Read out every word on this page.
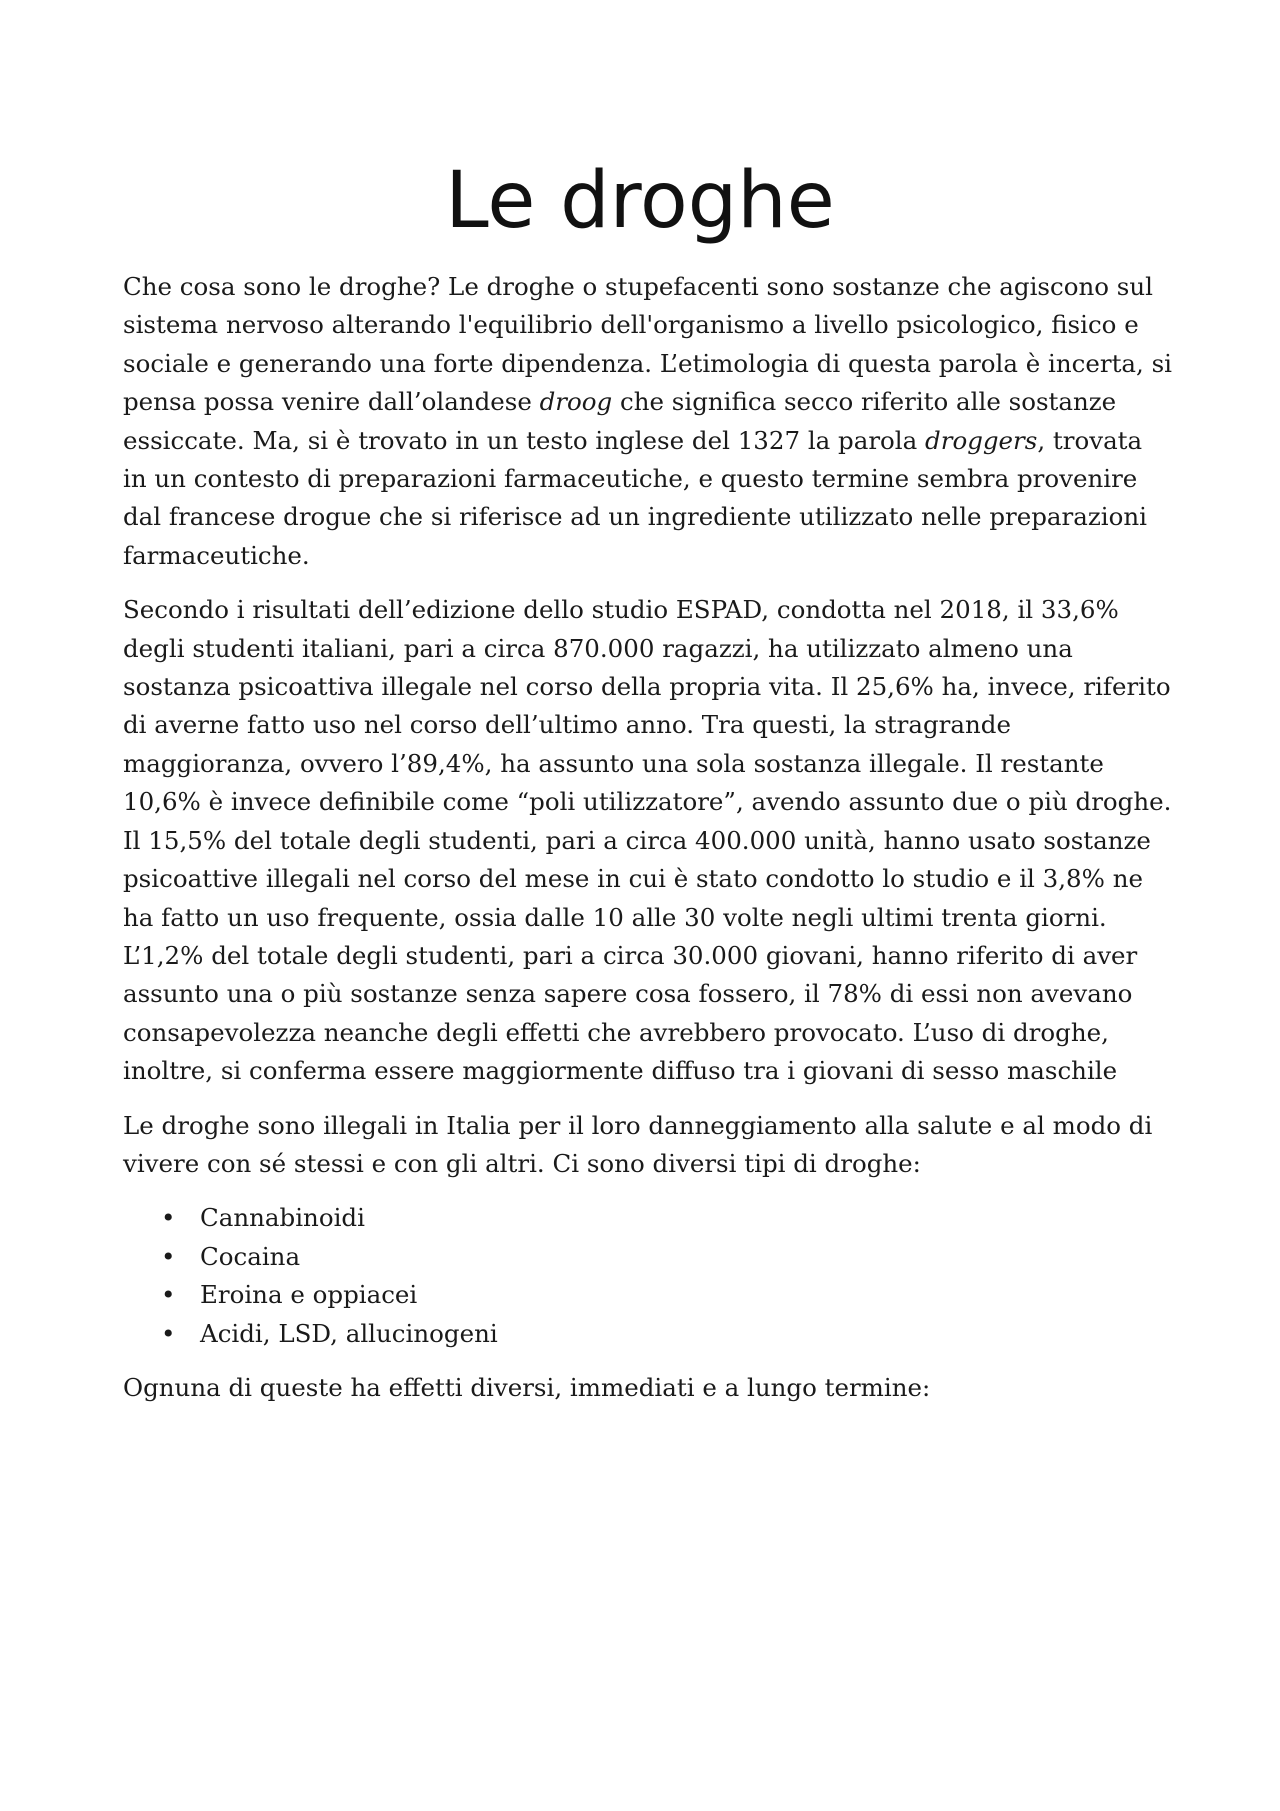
Le droghe

Che cosa sono le droghe? Le droghe o stupefacenti sono sostanze che agiscono sul sistema nervoso alterando l'equilibrio dell'organismo a livello psicologico, fisico e sociale e generando una forte dipendenza. L’etimologia di questa parola è incerta, si pensa possa venire dall’olandese droog che significa secco riferito alle sostanze essiccate. Ma, si è trovato in un testo inglese del 1327 la parola droggers, trovata in un contesto di preparazioni farmaceutiche, e questo termine sembra provenire dal francese drogue che si riferisce ad un ingrediente utilizzato nelle preparazioni farmaceutiche.

Secondo i risultati dell’edizione dello studio ESPAD, condotta nel 2018, il 33,6% degli studenti italiani, pari a circa 870.000 ragazzi, ha utilizzato almeno una sostanza psicoattiva illegale nel corso della propria vita. Il 25,6% ha, invece, riferito di averne fatto uso nel corso dell’ultimo anno. Tra questi, la stragrande maggioranza, ovvero l’89,4%, ha assunto una sola sostanza illegale. Il restante 10,6% è invece definibile come “poli utilizzatore”, avendo assunto due o più droghe. Il 15,5% del totale degli studenti, pari a circa 400.000 unità, hanno usato sostanze psicoattive illegali nel corso del mese in cui è stato condotto lo studio e il 3,8% ne ha fatto un uso frequente, ossia dalle 10 alle 30 volte negli ultimi trenta giorni. L’1,2% del totale degli studenti, pari a circa 30.000 giovani, hanno riferito di aver assunto una o più sostanze senza sapere cosa fossero, il 78% di essi non avevano consapevolezza neanche degli effetti che avrebbero provocato. L’uso di droghe, inoltre, si conferma essere maggiormente diffuso tra i giovani di sesso maschile

Le droghe sono illegali in Italia per il loro danneggiamento alla salute e al modo di vivere con sé stessi e con gli altri. Ci sono diversi tipi di droghe:

• Cannabinoidi
• Cocaina
• Eroina e oppiacei
• Acidi, LSD, allucinogeni

Ognuna di queste ha effetti diversi, immediati e a lungo termine:
